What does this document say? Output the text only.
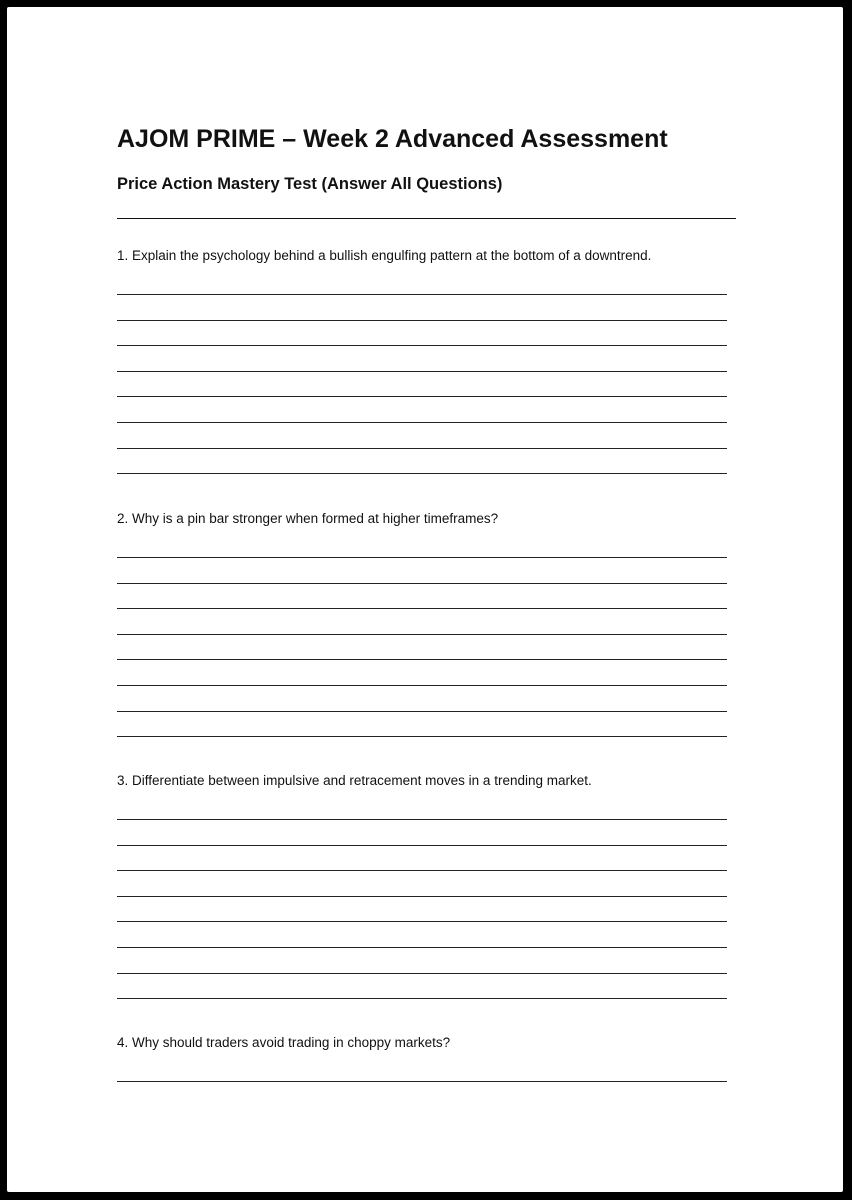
AJOM PRIME – Week 2 Advanced Assessment
Price Action Mastery Test (Answer All Questions)

1. Explain the psychology behind a bullish engulfing pattern at the bottom of a downtrend.

2. Why is a pin bar stronger when formed at higher timeframes?

3. Differentiate between impulsive and retracement moves in a trending market.

4. Why should traders avoid trading in choppy markets?
